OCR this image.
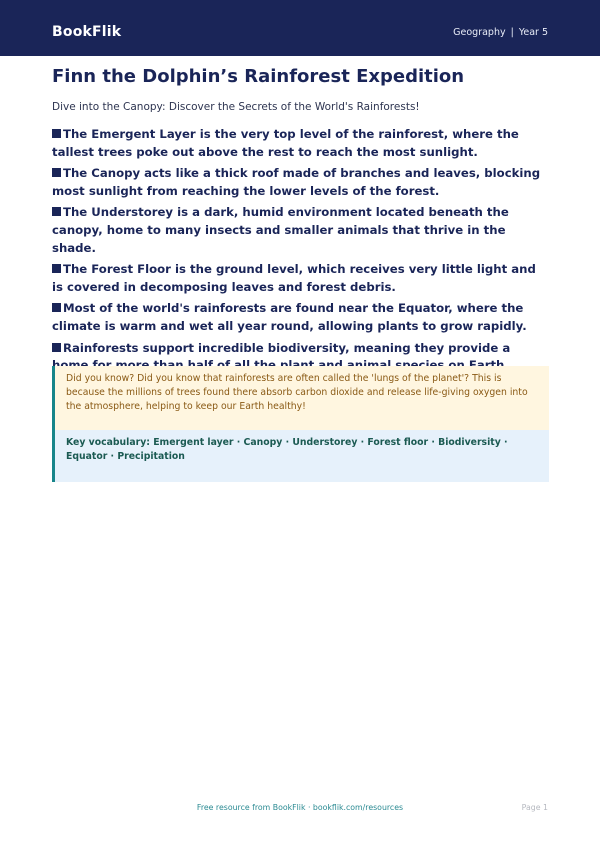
BookFlik	Geography | Year 5
Finn the Dolphin’s Rainforest Expedition
Dive into the Canopy: Discover the Secrets of the World's Rainforests!
The Emergent Layer is the very top level of the rainforest, where the tallest trees poke out above the rest to reach the most sunlight.
The Canopy acts like a thick roof made of branches and leaves, blocking most sunlight from reaching the lower levels of the forest.
The Understorey is a dark, humid environment located beneath the canopy, home to many insects and smaller animals that thrive in the shade.
The Forest Floor is the ground level, which receives very little light and is covered in decomposing leaves and forest debris.
Most of the world's rainforests are found near the Equator, where the climate is warm and wet all year round, allowing plants to grow rapidly.
Rainforests support incredible biodiversity, meaning they provide a
Did you know? Did you know that rainforests are often called the 'lungs of the planet'? This is because the millions of trees found there absorb carbon dioxide and release life-giving oxygen into the atmosphere, helping to keep our Earth healthy!
Key vocabulary: Emergent layer · Canopy · Understorey · Forest floor · Biodiversity · Equator · Precipitation
Free resource from BookFlik · bookflik.com/resources	Page 1
